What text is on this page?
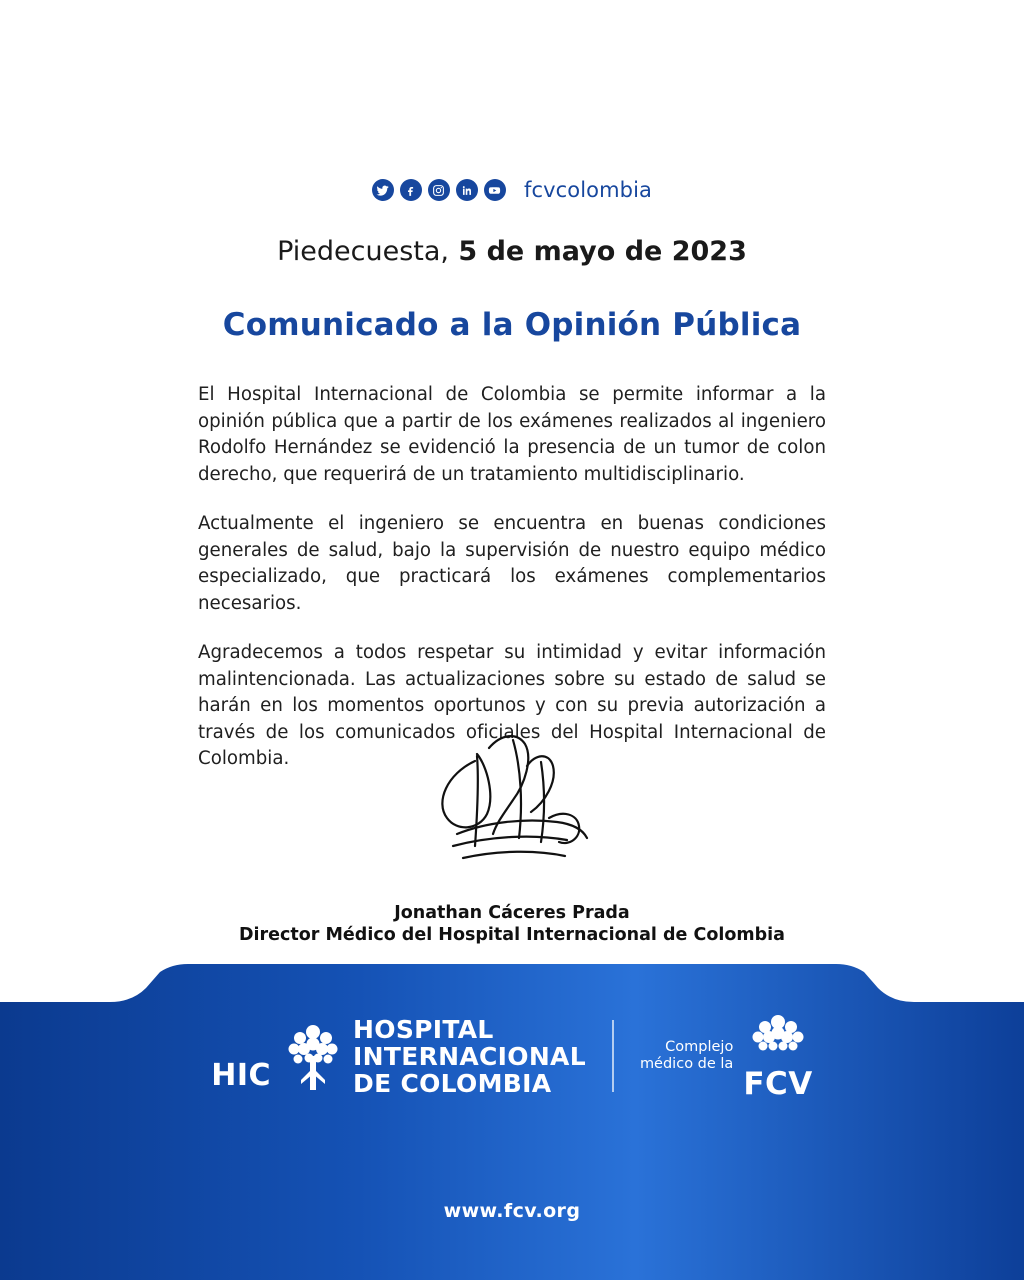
fcvcolombia
Piedecuesta, 5 de mayo de 2023
Comunicado a la Opinión Pública

El Hospital Internacional de Colombia se permite informar a la opinión pública que a partir de los exámenes realizados al ingeniero Rodolfo Hernández se evidenció la presencia de un tumor de colon derecho, que requerirá de un tratamiento multidisciplinario.

Actualmente el ingeniero se encuentra en buenas condiciones generales de salud, bajo la supervisión de nuestro equipo médico especializado, que practicará los exámenes complementarios necesarios.

Agradecemos a todos respetar su intimidad y evitar información malintencionada. Las actualizaciones sobre su estado de salud se harán en los momentos oportunos y con su previa autorización a través de los comunicados oficiales del Hospital Internacional de Colombia.

Jonathan Cáceres Prada
Director Médico del Hospital Internacional de Colombia
HIC
HOSPITAL
INTERNACIONAL
DE COLOMBIA
Complejo
médico de la
FCV
www.fcv.org
